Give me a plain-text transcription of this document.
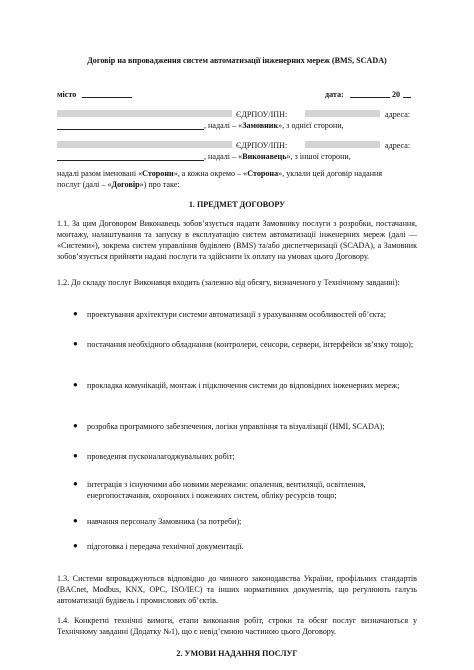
Договір на впровадження систем автоматизації інженерних мереж (BMS, SCADA)
місто	дата:	20
ЄДРПОУ/ІПН:	адреса:
, надалі – «Замовник», з однієї сторони,
ЄДРПОУ/ІПН:	адреса:
, надалі – «Виконавець», з іншої сторони,
надалі разом іменовані «Сторони», а кожна окремо – «Сторона», уклали цей договір надання
послуг (далі – «Договір») про таке:
1. ПРЕДМЕТ ДОГОВОРУ
1.1. За цим Договором Виконавець зобов’язується надати Замовнику послуги з розробки, постачання, монтажу, налаштування та запуску в експлуатацію систем автоматизації інженерних мереж (далі — «Системи»), зокрема систем управління будівлею (BMS) та/або диспетчеризації (SCADA), а Замовник зобов’язується прийняти надані послуги та здійснити їх оплату на умовах цього Договору.
1.2. До складу послуг Виконавця входить (залежно від обсягу, визначеного у Технічному завданні):
●	проектування архітектури системи автоматизації з урахуванням особливостей об’єкта;
●	постачання необхідного обладнання (контролери, сенсори, сервери, інтерфейси зв’язку тощо);
●	прокладка комунікацій, монтаж і підключення системи до відповідних інженерних мереж;
●	розробка програмного забезпечення, логіки управління та візуалізації (HMI, SCADA);
●	проведення пусконалагоджувальних робіт;
●	інтеграція з існуючими або новими мережами: опалення, вентиляції, освітлення, енергопостачання, охоронних і пожежних систем, обліку ресурсів тощо;
●	навчання персоналу Замовника (за потреби);
●	підготовка і передача технічної документації.
1.3. Системи впроваджуються відповідно до чинного законодавства України, профільних стандартів (BACnet, Modbus, KNX, OPC, ISO/IEC) та інших нормативних документів, що регулюють галузь автоматизації будівель і промислових об’єктів.
1.4. Конкретні технічні вимоги, етапи виконання робіт, строки та обсяг послуг визначаються у Технічному завданні (Додатку №1), що є невід’ємною частиною цього Договору.
2. УМОВИ НАДАННЯ ПОСЛУГ
